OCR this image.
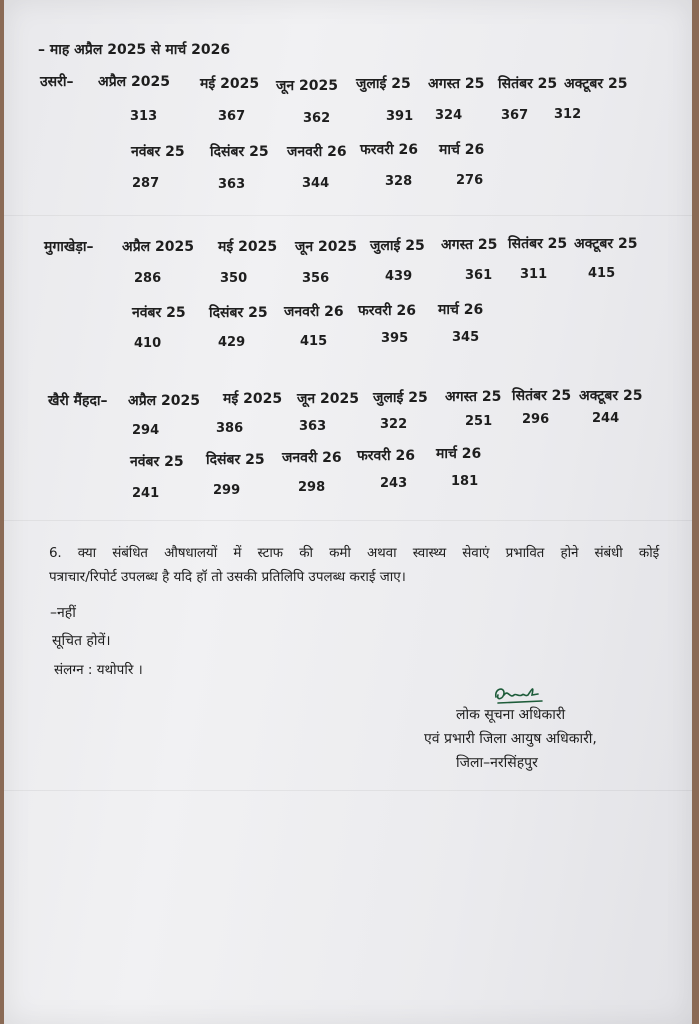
– माह अप्रैल 2025 से मार्च 2026
उसरी– अप्रैल 2025 मई 2025 जून 2025 जुलाई 25 अगस्त 25 सितंबर 25 अक्टूबर 25
313	367	362	391 324	367 312
नवंबर 25 दिसंबर 25 जनवरी 26 फरवरी 26 मार्च 26
287	363	344	328	276
मुगाखेड़ा– अप्रैल 2025 मई 2025 जून 2025 जुलाई 25 अगस्त 25 सितंबर 25 अक्टूबर 25
286	350	356	439	361 311	415
नवंबर 25 दिसंबर 25 जनवरी 26 फरवरी 26 मार्च 26
410	429	415	395	345
खैरी मैंहदा– अप्रैल 2025 मई 2025 जून 2025 जुलाई 25 अगस्त 25 सितंबर 25 अक्टूबर 25
294	386	363	322	251 296	244
नवंबर 25 दिसंबर 25 जनवरी 26 फरवरी 26 मार्च 26
241	299	298	243	181
6. क्या संबंधित औषधालयों में स्टाफ की कमी अथवा स्वास्थ्य सेवाएं प्रभावित होने संबंधी कोई
पत्राचार/रिपोर्ट उपलब्ध है यदि हॉ तो उसकी प्रतिलिपि उपलब्ध कराई जाए।
–नहीं
सूचित होवें।
संलग्न : यथोपरि ।
लोक सूचना अधिकारी
एवं प्रभारी जिला आयुष अधिकारी,
जिला–नरसिंहपुर
